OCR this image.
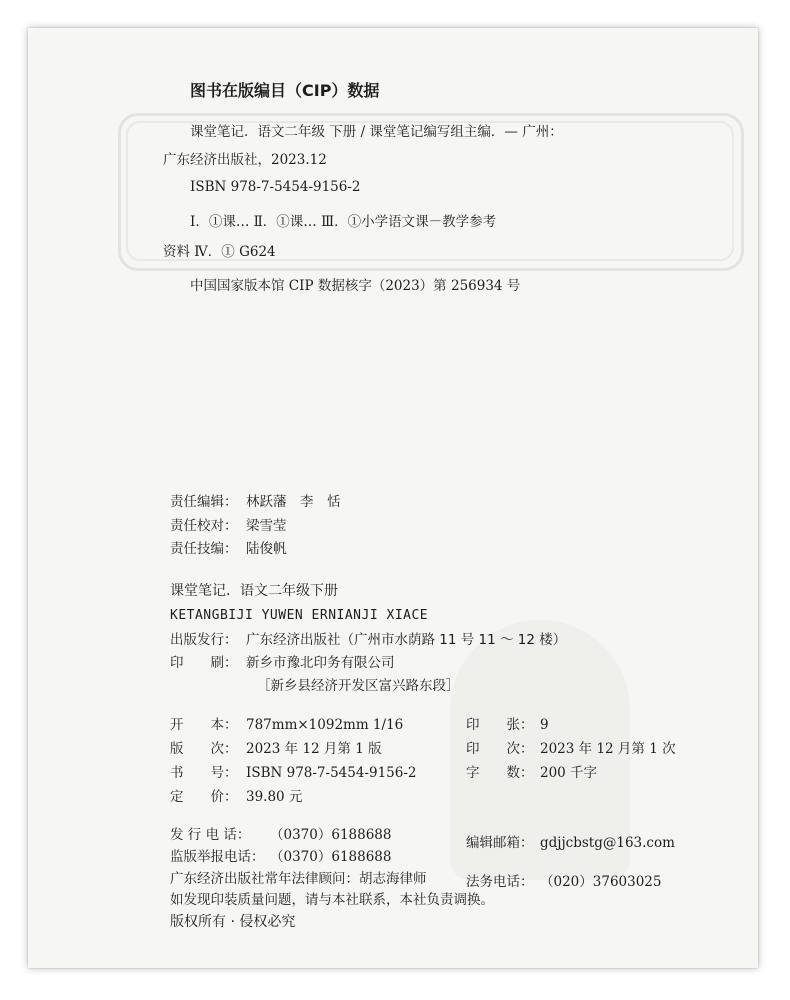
图书在版编目（CIP）数据
课堂笔记．语文二年级 下册 / 课堂笔记编写组主编．— 广州：
广东经济出版社，2023.12
ISBN 978-7-5454-9156-2
Ⅰ．①课… Ⅱ．①课… Ⅲ．①小学语文课－教学参考
资料 Ⅳ．① G624
中国国家版本馆 CIP 数据核字（2023）第 256934 号
责任编辑： 林跃藩　李　恬
责任校对： 梁雪莹
责任技编： 陆俊帆
课堂笔记．语文二年级下册
KETANGBIJI YUWEN ERNIANJI XIACE
出版发行： 广东经济出版社（广州市水荫路 11 号 11 ～ 12 楼）
印　　刷： 新乡市豫北印务有限公司
［新乡县经济开发区富兴路东段］
开　　本： 787mm×1092mm 1/16	印　　张： 9
版　　次： 2023 年 12 月第 1 版	印　　次： 2023 年 12 月第 1 次
书　　号： ISBN 978-7-5454-9156-2	字　　数： 200 千字
定　　价： 39.80 元
发 行 电 话： （0370）6188688	编辑邮箱： gdjjcbstg@163.com
监版举报电话： （0370）6188688
广东经济出版社常年法律顾问：胡志海律师	法务电话： （020）37603025
如发现印装质量问题，请与本社联系，本社负责调换。
版权所有 · 侵权必究
